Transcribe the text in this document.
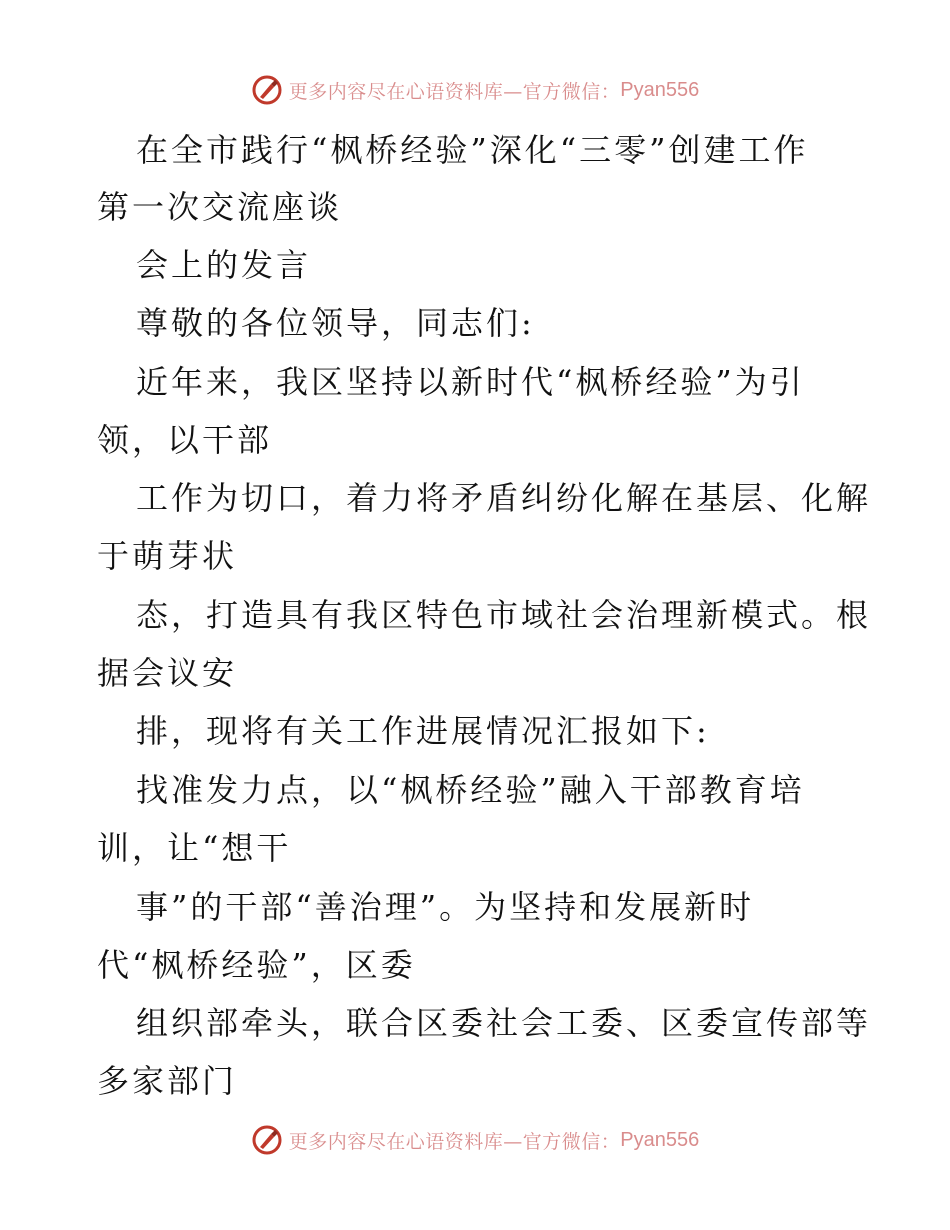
更多内容尽在心语资料库—官方微信： Pyan556
在全市践行“枫桥经验”深化“三零”创建工作
第一次交流座谈
会上的发言
尊敬的各位领导，同志们:
近年来，我区坚持以新时代“枫桥经验”为引
领，以干部
工作为切口，着力将矛盾纠纷化解在基层、化解
于萌芽状
态，打造具有我区特色市域社会治理新模式。根
据会议安
排，现将有关工作进展情况汇报如下:
找准发力点，以“枫桥经验”融入干部教育培
训，让“想干
事”的干部“善治理”。为坚持和发展新时
代“枫桥经验”，区委
组织部牵头，联合区委社会工委、区委宣传部等
多家部门
更多内容尽在心语资料库—官方微信： Pyan556
